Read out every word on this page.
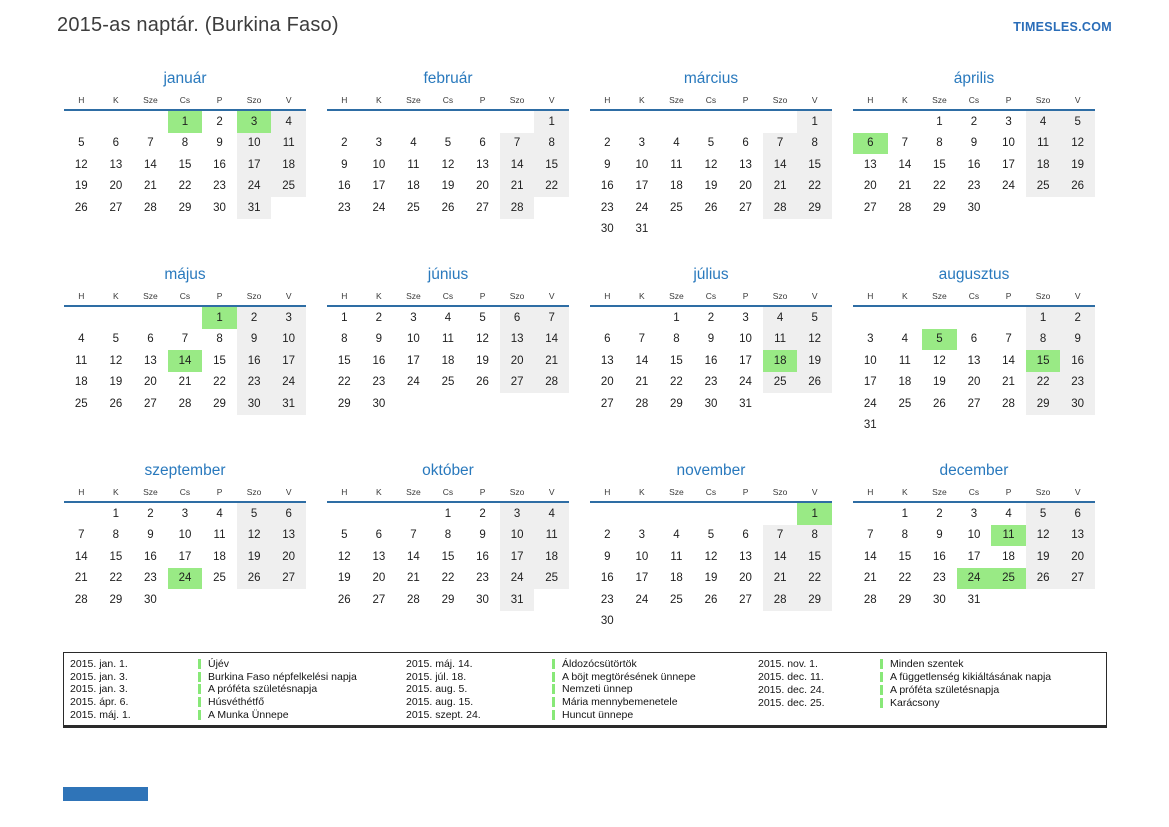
2015-as naptár. (Burkina Faso)	TIMESLES.COM
január
H	K	Sze	Cs	P	Szo	V
			1	2	3	4
5	6	7	8	9	10	11
12	13	14	15	16	17	18
19	20	21	22	23	24	25
26	27	28	29	30	31	
február
H	K	Sze	Cs	P	Szo	V
						1
2	3	4	5	6	7	8
9	10	11	12	13	14	15
16	17	18	19	20	21	22
23	24	25	26	27	28	
március
H	K	Sze	Cs	P	Szo	V
						1
2	3	4	5	6	7	8
9	10	11	12	13	14	15
16	17	18	19	20	21	22
23	24	25	26	27	28	29
30	31					
április
H	K	Sze	Cs	P	Szo	V
		1	2	3	4	5
6	7	8	9	10	11	12
13	14	15	16	17	18	19
20	21	22	23	24	25	26
27	28	29	30			
május
H	K	Sze	Cs	P	Szo	V
				1	2	3
4	5	6	7	8	9	10
11	12	13	14	15	16	17
18	19	20	21	22	23	24
25	26	27	28	29	30	31
június
H	K	Sze	Cs	P	Szo	V
1	2	3	4	5	6	7
8	9	10	11	12	13	14
15	16	17	18	19	20	21
22	23	24	25	26	27	28
29	30					
július
H	K	Sze	Cs	P	Szo	V
		1	2	3	4	5
6	7	8	9	10	11	12
13	14	15	16	17	18	19
20	21	22	23	24	25	26
27	28	29	30	31		
augusztus
H	K	Sze	Cs	P	Szo	V
					1	2
3	4	5	6	7	8	9
10	11	12	13	14	15	16
17	18	19	20	21	22	23
24	25	26	27	28	29	30
31						
szeptember
H	K	Sze	Cs	P	Szo	V
	1	2	3	4	5	6
7	8	9	10	11	12	13
14	15	16	17	18	19	20
21	22	23	24	25	26	27
28	29	30				
október
H	K	Sze	Cs	P	Szo	V
			1	2	3	4
5	6	7	8	9	10	11
12	13	14	15	16	17	18
19	20	21	22	23	24	25
26	27	28	29	30	31	
november
H	K	Sze	Cs	P	Szo	V
						1
2	3	4	5	6	7	8
9	10	11	12	13	14	15
16	17	18	19	20	21	22
23	24	25	26	27	28	29
30						
december
H	K	Sze	Cs	P	Szo	V
	1	2	3	4	5	6
7	8	9	10	11	12	13
14	15	16	17	18	19	20
21	22	23	24	25	26	27
28	29	30	31			
2015. jan. 1.	Újév
2015. jan. 3.	Burkina Faso népfelkelési napja
2015. jan. 3.	A próféta születésnapja
2015. ápr. 6.	Húsvéthétfő
2015. máj. 1.	A Munka Ünnepe
2015. máj. 14.	Áldozócsütörtök
2015. júl. 18.	A böjt megtörésének ünnepe
2015. aug. 5.	Nemzeti ünnep
2015. aug. 15.	Mária mennybemenetele
2015. szept. 24.	Huncut ünnepe
2015. nov. 1.	Minden szentek
2015. dec. 11.	A függetlenség kikiáltásának napja
2015. dec. 24.	A próféta születésnapja
2015. dec. 25.	Karácsony
